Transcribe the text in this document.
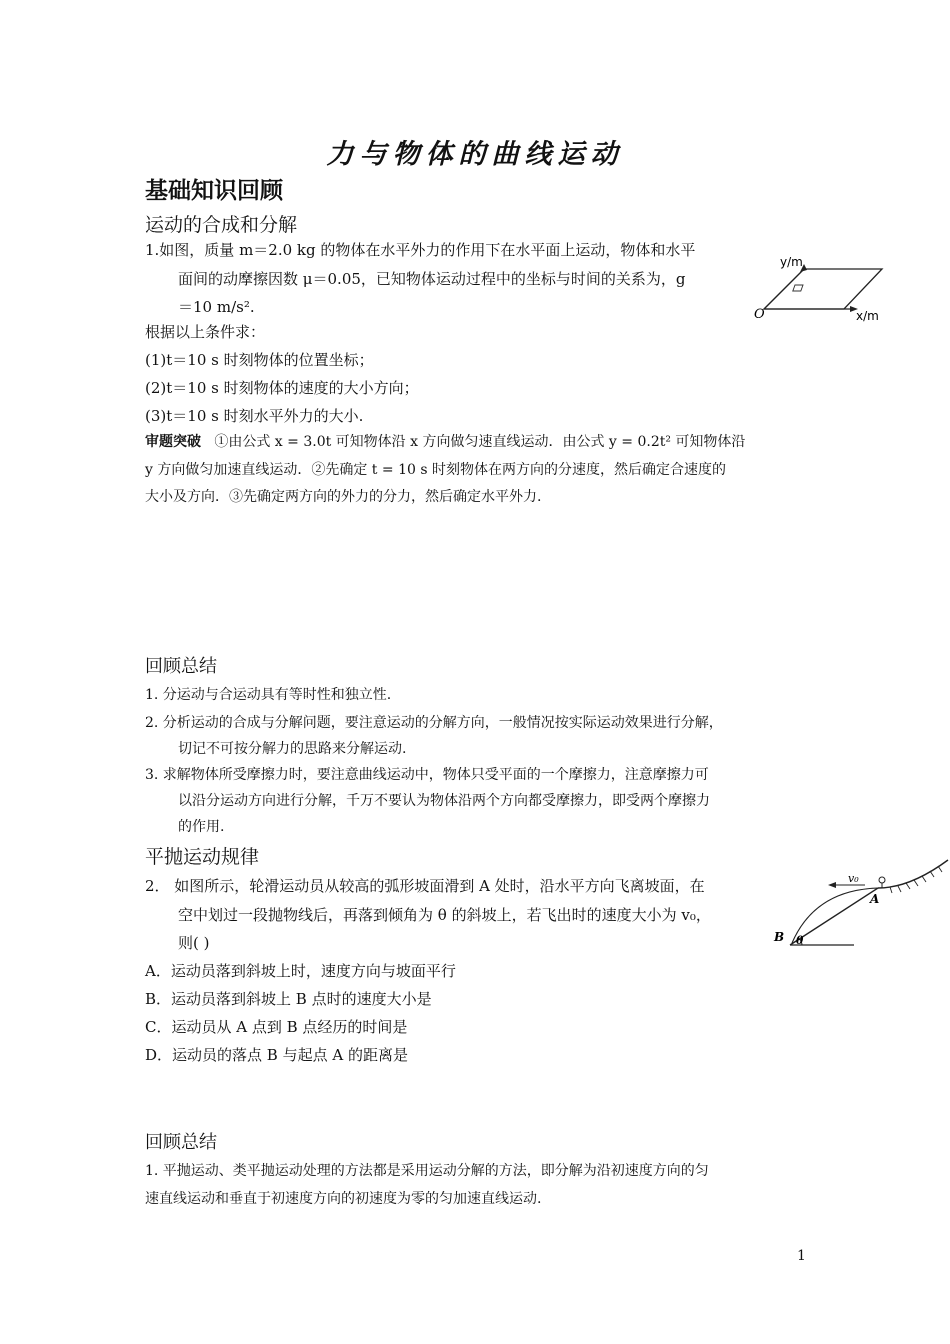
力与物体的曲线运动
基础知识回顾
运动的合成和分解
1.如图，质量 m＝2.0 kg 的物体在水平外力的作用下在水平面上运动，物体和水平
面间的动摩擦因数 μ＝0.05，已知物体运动过程中的坐标与时间的关系为，g
＝10 m/s².
根据以上条件求：
(1)t＝10 s 时刻物体的位置坐标；
(2)t＝10 s 时刻物体的速度的大小方向；
(3)t＝10 s 时刻水平外力的大小.
y/m
x/m
O
审题突破 ①由公式 x = 3.0t 可知物体沿 x 方向做匀速直线运动．由公式 y = 0.2t² 可知物体沿
y 方向做匀加速直线运动．②先确定 t = 10 s 时刻物体在两方向的分速度，然后确定合速度的
大小及方向．③先确定两方向的外力的分力，然后确定水平外力.
回顾总结
1. 分运动与合运动具有等时性和独立性.
2. 分析运动的合成与分解问题，要注意运动的分解方向，一般情况按实际运动效果进行分解，
切记不可按分解力的思路来分解运动.
3. 求解物体所受摩擦力时，要注意曲线运动中，物体只受平面的一个摩擦力，注意摩擦力可
以沿分运动方向进行分解，千万不要认为物体沿两个方向都受摩擦力，即受两个摩擦力
的作用.
平抛运动规律
2． 如图所示，轮滑运动员从较高的弧形坡面滑到 A 处时，沿水平方向飞离坡面，在
空中划过一段抛物线后，再落到倾角为 θ 的斜坡上，若飞出时的速度大小为 v₀，
则( )
A．运动员落到斜坡上时，速度方向与坡面平行
B．运动员落到斜坡上 B 点时的速度大小是
C．运动员从 A 点到 B 点经历的时间是
D．运动员的落点 B 与起点 A 的距离是
v₀
A
B θ
回顾总结
1. 平抛运动、类平抛运动处理的方法都是采用运动分解的方法，即分解为沿初速度方向的匀
速直线运动和垂直于初速度方向的初速度为零的匀加速直线运动.
1
